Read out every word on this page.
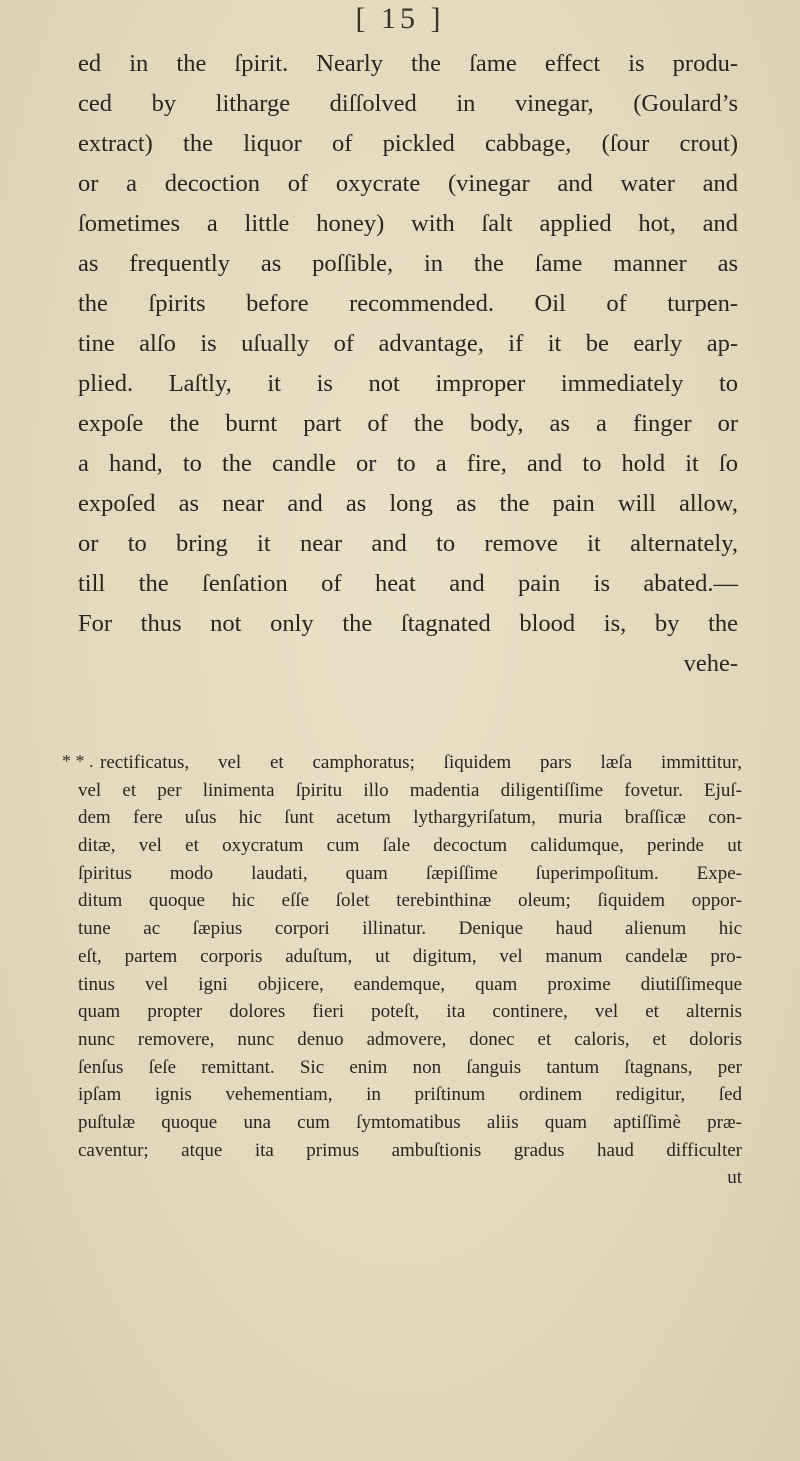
[ 15 ]
ed in the ſpirit. Nearly the ſame effect is produ-
ced by litharge diſſolved in vinegar, (Goulard’s
extract) the liquor of pickled cabbage, (ſour crout)
or a decoction of oxycrate (vinegar and water and
ſometimes a little honey) with ſalt applied hot, and
as frequently as poſſible, in the ſame manner as
the ſpirits before recommended. Oil of turpen-
tine alſo is uſually of advantage, if it be early ap-
plied. Laſtly, it is not improper immediately to
expoſe the burnt part of the body, as a finger or
a hand, to the candle or to a fire, and to hold it ſo
expoſed as near and as long as the pain will allow,
or to bring it near and to remove it alternately,
till the ſenſation of heat and pain is abated.—
For thus not only the ſtagnated blood is, by the
vehe-
* * . rectificatus, vel et camphoratus; ſiquidem pars læſa immittitur,
vel et per linimenta ſpiritu illo madentia diligentiſſime fovetur. Ejuſ-
dem fere uſus hic ſunt acetum lythargyriſatum, muria braſſicæ con-
ditæ, vel et oxycratum cum ſale decoctum calidumque, perinde ut
ſpiritus modo laudati, quam ſæpiſſime ſuperimpoſitum. Expe-
ditum quoque hic eſſe ſolet terebinthinæ oleum; ſiquidem oppor-
tune ac ſæpius corpori illinatur. Denique haud alienum hic
eſt, partem corporis aduſtum, ut digitum, vel manum candelæ pro-
tinus vel igni objicere, eandemque, quam proxime diutiſſimeque
quam propter dolores fieri poteſt, ita continere, vel et alternis
nunc removere, nunc denuo admovere, donec et caloris, et doloris
ſenſus ſeſe remittant. Sic enim non ſanguis tantum ſtagnans, per
ipſam ignis vehementiam, in priſtinum ordinem redigitur, ſed
puſtulæ quoque una cum ſymtomatibus aliis quam aptiſſimè præ-
caventur; atque ita primus ambuſtionis gradus haud difficulter
ut
